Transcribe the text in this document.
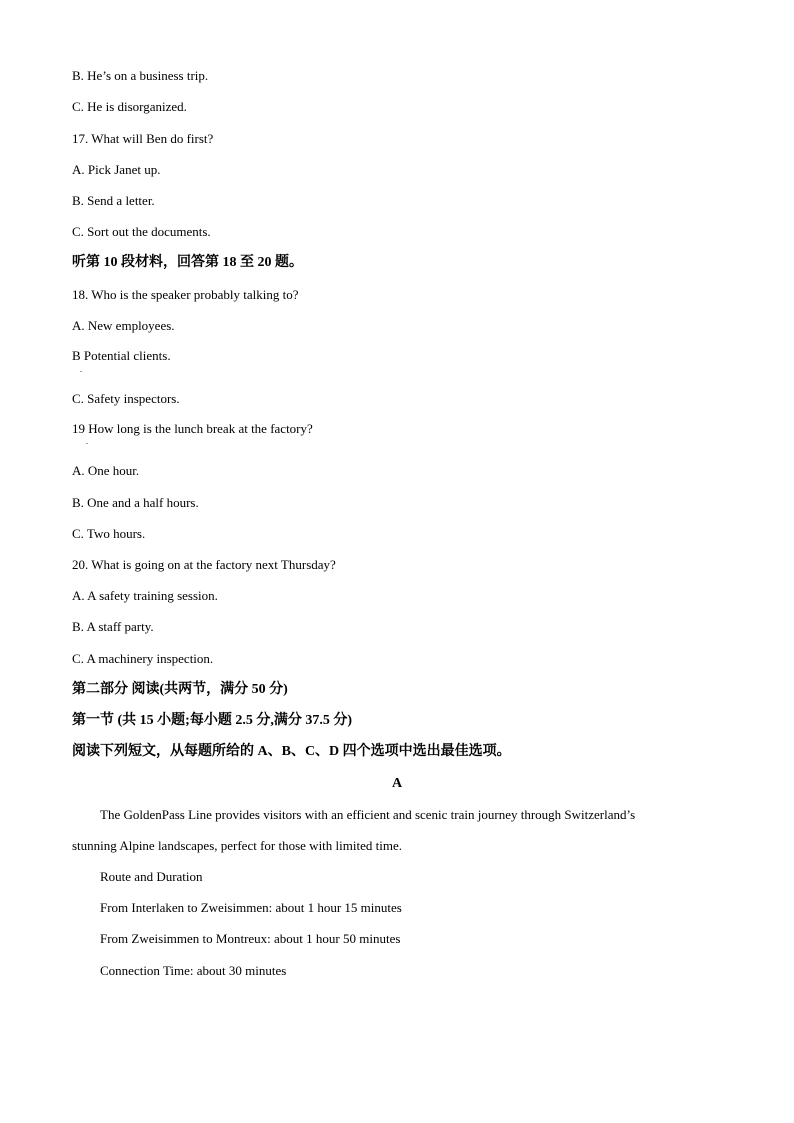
B. He’s on a business trip.
C. He is disorganized.
17. What will Ben do first?
A. Pick Janet up.
B. Send a letter.
C. Sort out the documents.
听第 10 段材料，回答第 18 至 20 题。
18. Who is the speaker probably talking to?
A. New employees.
B Potential clients.
.
C. Safety inspectors.
19 How long is the lunch break at the factory?
.
A. One hour.
B. One and a half hours.
C. Two hours.
20. What is going on at the factory next Thursday?
A. A safety training session.
B. A staff party.
C. A machinery inspection.
第二部分 阅读(共两节，满分 50 分)
第一节 (共 15 小题;每小题 2.5 分,满分 37.5 分)
阅读下列短文，从每题所给的 A、B、C、D 四个选项中选出最佳选项。
A
The GoldenPass Line provides visitors with an efficient and scenic train journey through Switzerland’s
stunning Alpine landscapes, perfect for those with limited time.
Route and Duration
From Interlaken to Zweisimmen: about 1 hour 15 minutes
From Zweisimmen to Montreux: about 1 hour 50 minutes
Connection Time: about 30 minutes
